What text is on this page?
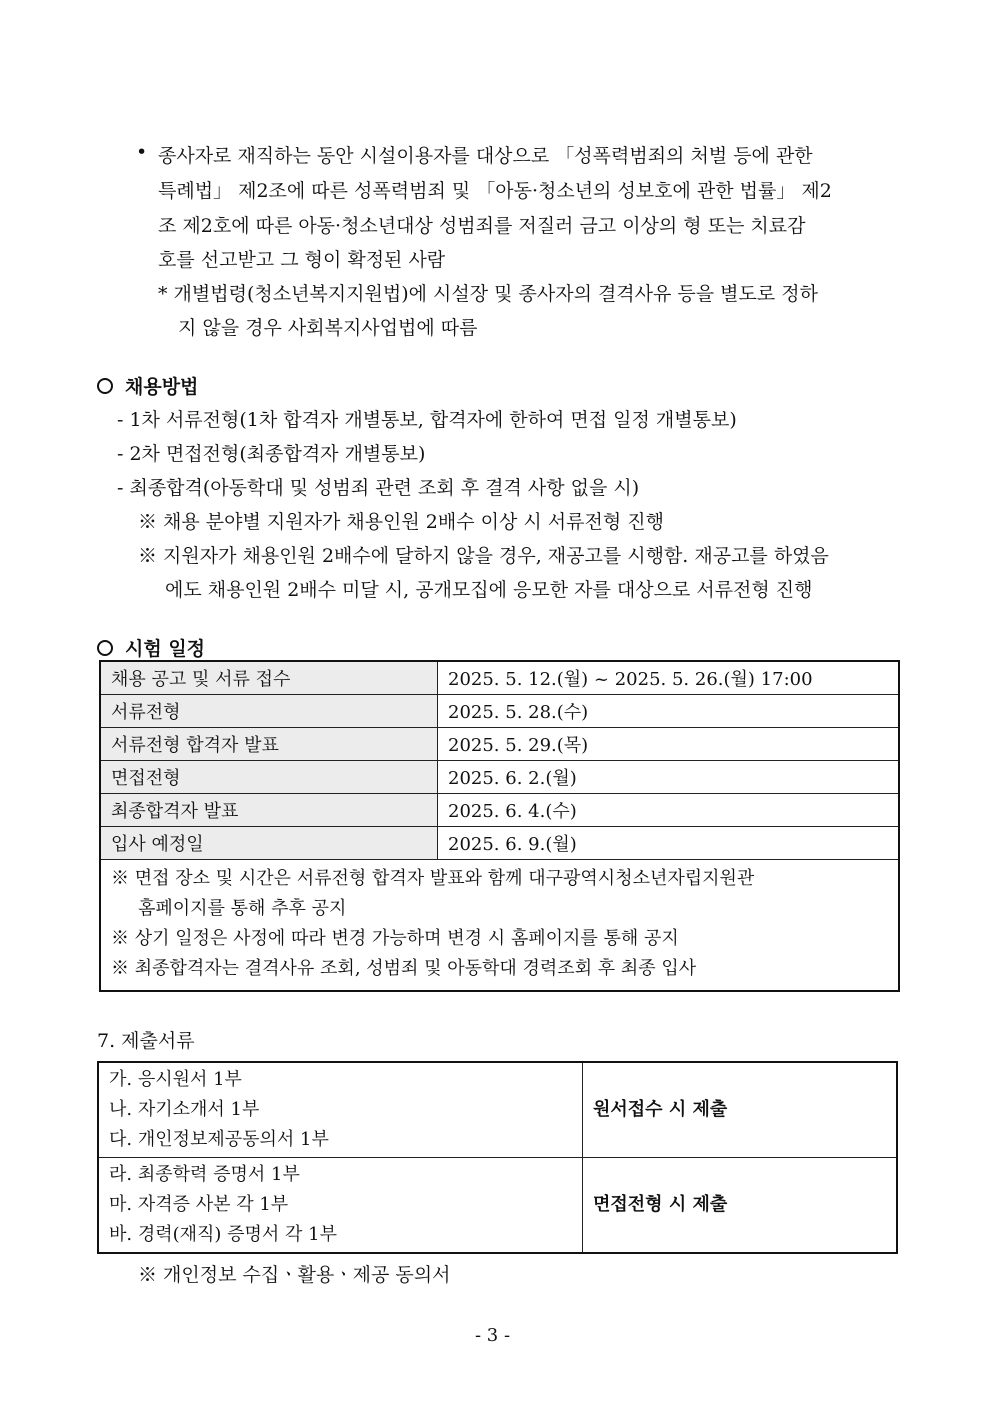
• 종사자로 재직하는 동안 시설이용자를 대상으로 「성폭력범죄의 처벌 등에 관한
특례법」 제2조에 따른 성폭력범죄 및 「아동·청소년의 성보호에 관한 법률」 제2
조 제2호에 따른 아동·청소년대상 성범죄를 저질러 금고 이상의 형 또는 치료감
호를 선고받고 그 형이 확정된 사람
* 개별법령(청소년복지지원법)에 시설장 및 종사자의 결격사유 등을 별도로 정하
지 않을 경우 사회복지사업법에 따름
채용방법
- 1차 서류전형(1차 합격자 개별통보, 합격자에 한하여 면접 일정 개별통보)
- 2차 면접전형(최종합격자 개별통보)
- 최종합격(아동학대 및 성범죄 관련 조회 후 결격 사항 없을 시)
※ 채용 분야별 지원자가 채용인원 2배수 이상 시 서류전형 진행
※ 지원자가 채용인원 2배수에 달하지 않을 경우, 재공고를 시행함. 재공고를 하였음
에도 채용인원 2배수 미달 시, 공개모집에 응모한 자를 대상으로 서류전형 진행
시험 일정
채용 공고 및 서류 접수	2025. 5. 12.(월) ~ 2025. 5. 26.(월) 17:00
서류전형	2025. 5. 28.(수)
서류전형 합격자 발표	2025. 5. 29.(목)
면접전형	2025. 6. 2.(월)
최종합격자 발표	2025. 6. 4.(수)
입사 예정일	2025. 6. 9.(월)

※ 면접 장소 및 시간은 서류전형 합격자 발표와 함께 대구광역시청소년자립지원관
홈페이지를 통해 추후 공지
※ 상기 일정은 사정에 따라 변경 가능하며 변경 시 홈페이지를 통해 공지
※ 최종합격자는 결격사유 조회, 성범죄 및 아동학대 경력조회 후 최종 입사	
7. 제출서류
가. 응시원서 1부
나. 자기소개서 1부
다. 개인정보제공동의서 1부	원서접수 시 제출

라. 최종학력 증명서 1부
마. 자격증 사본 각 1부
바. 경력(재직) 증명서 각 1부	면접전형 시 제출
※ 개인정보 수집ㆍ활용ㆍ제공 동의서
- 3 -
